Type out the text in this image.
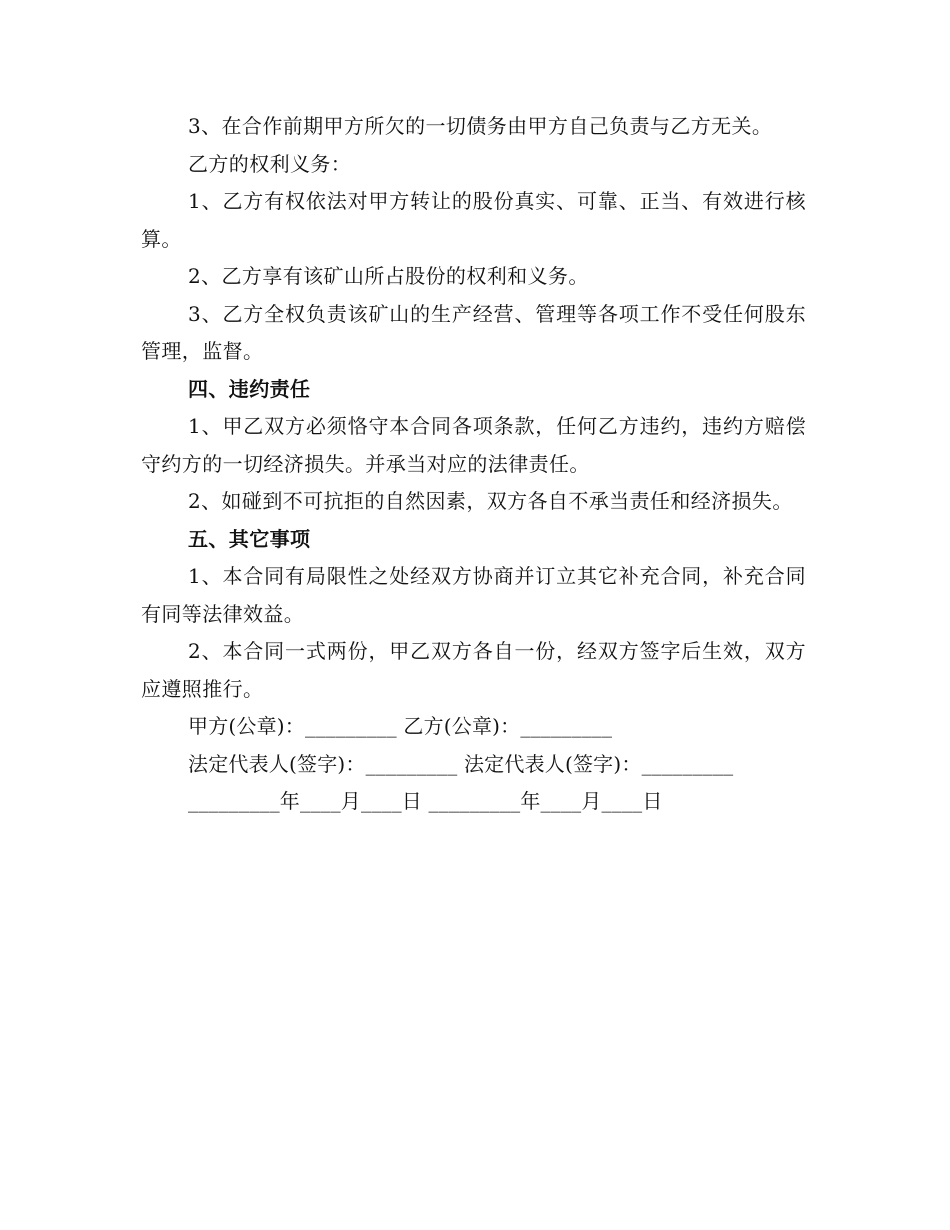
3、在合作前期甲方所欠的一切债务由甲方自己负责与乙方无关。

乙方的权利义务：

1、乙方有权依法对甲方转让的股份真实、可靠、正当、有效进行核算。

2、乙方享有该矿山所占股份的权利和义务。

3、乙方全权负责该矿山的生产经营、管理等各项工作不受任何股东管理，监督。

四、违约责任

1、甲乙双方必须恪守本合同各项条款，任何乙方违约，违约方赔偿守约方的一切经济损失。并承当对应的法律责任。

2、如碰到不可抗拒的自然因素，双方各自不承当责任和经济损失。

五、其它事项

1、本合同有局限性之处经双方协商并订立其它补充合同，补充合同有同等法律效益。

2、本合同一式两份，甲乙双方各自一份，经双方签字后生效，双方应遵照推行。

甲方(公章)：_________ 乙方(公章)：_________

法定代表人(签字)：_________ 法定代表人(签字)：_________

_________年____月____日 _________年____月____日
